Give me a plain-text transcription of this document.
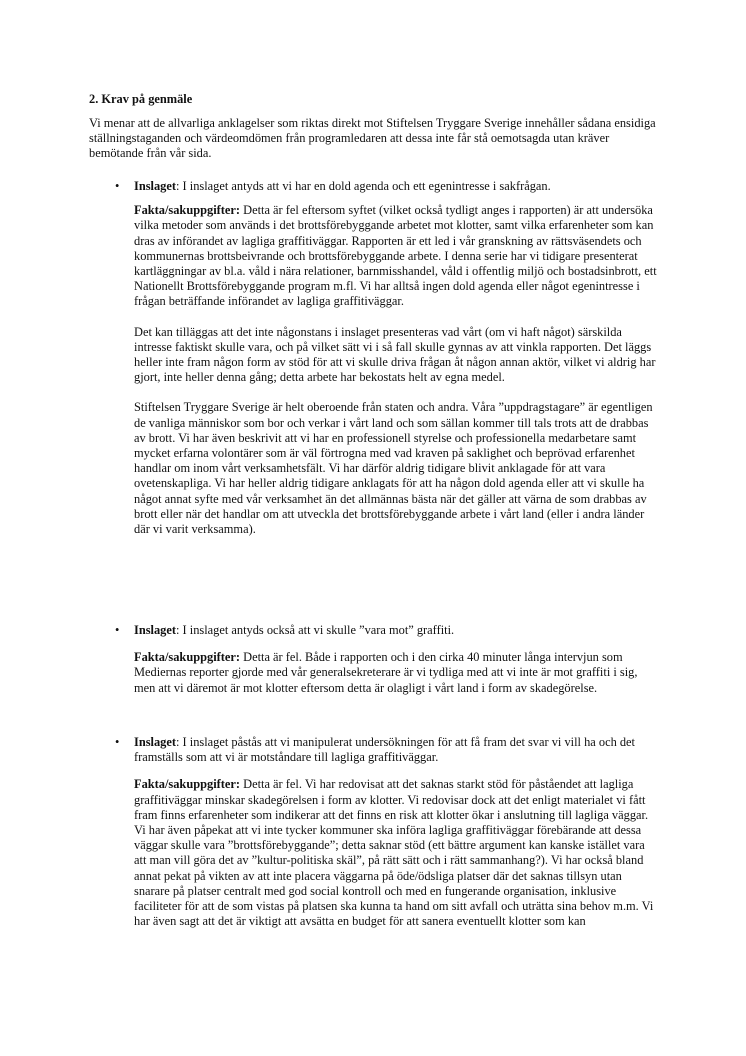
2. Krav på genmäle

Vi menar att de allvarliga anklagelser som riktas direkt mot Stiftelsen Tryggare Sverige innehåller sådana ensidiga ställningstaganden och värdeomdömen från programledaren att dessa inte får stå oemotsagda utan kräver bemötande från vår sida.

• Inslaget: I inslaget antyds att vi har en dold agenda och ett egenintresse i sakfrågan.

Fakta/sakuppgifter: Detta är fel eftersom syftet (vilket också tydligt anges i rapporten) är att undersöka vilka metoder som används i det brottsförebyggande arbetet mot klotter, samt vilka erfarenheter som kan dras av införandet av lagliga graffitiväggar. Rapporten är ett led i vår granskning av rättsväsendets och kommunernas brottsbeivrande och brottsförebyggande arbete. I denna serie har vi tidigare presenterat kartläggningar av bl.a. våld i nära relationer, barnmisshandel, våld i offentlig miljö och bostadsinbrott, ett Nationellt Brottsförebyggande program m.fl. Vi har alltså ingen dold agenda eller något egenintresse i frågan beträffande införandet av lagliga graffitiväggar.

Det kan tilläggas att det inte någonstans i inslaget presenteras vad vårt (om vi haft något) särskilda intresse faktiskt skulle vara, och på vilket sätt vi i så fall skulle gynnas av att vinkla rapporten. Det läggs heller inte fram någon form av stöd för att vi skulle driva frågan åt någon annan aktör, vilket vi aldrig har gjort, inte heller denna gång; detta arbete har bekostats helt av egna medel.

Stiftelsen Tryggare Sverige är helt oberoende från staten och andra. Våra ”uppdragstagare” är egentligen de vanliga människor som bor och verkar i vårt land och som sällan kommer till tals trots att de drabbas av brott. Vi har även beskrivit att vi har en professionell styrelse och professionella medarbetare samt mycket erfarna volontärer som är väl förtrogna med vad kraven på saklighet och beprövad erfarenhet handlar om inom vårt verksamhetsfält. Vi har därför aldrig tidigare blivit anklagade för att vara ovetenskapliga. Vi har heller aldrig tidigare anklagats för att ha någon dold agenda eller att vi skulle ha något annat syfte med vår verksamhet än det allmännas bästa när det gäller att värna de som drabbas av brott eller när det handlar om att utveckla det brottsförebyggande arbete i vårt land (eller i andra länder där vi varit verksamma).

• Inslaget: I inslaget antyds också att vi skulle ”vara mot” graffiti.

Fakta/sakuppgifter: Detta är fel. Både i rapporten och i den cirka 40 minuter långa intervjun som Mediernas reporter gjorde med vår generalsekreterare är vi tydliga med att vi inte är mot graffiti i sig, men att vi däremot är mot klotter eftersom detta är olagligt i vårt land i form av skadegörelse.

• Inslaget: I inslaget påstås att vi manipulerat undersökningen för att få fram det svar vi vill ha och det framställs som att vi är motståndare till lagliga graffitiväggar.

Fakta/sakuppgifter: Detta är fel. Vi har redovisat att det saknas starkt stöd för påståendet att lagliga graffitiväggar minskar skadegörelsen i form av klotter. Vi redovisar dock att det enligt materialet vi fått fram finns erfarenheter som indikerar att det finns en risk att klotter ökar i anslutning till lagliga väggar. Vi har även påpekat att vi inte tycker kommuner ska införa lagliga graffitiväggar förebärande att dessa väggar skulle vara ”brottsförebyggande”; detta saknar stöd (ett bättre argument kan kanske istället vara att man vill göra det av ”kultur-politiska skäl”, på rätt sätt och i rätt sammanhang?). Vi har också bland annat pekat på vikten av att inte placera väggarna på öde/ödsliga platser där det saknas tillsyn utan snarare på platser centralt med god social kontroll och med en fungerande organisation, inklusive faciliteter för att de som vistas på platsen ska kunna ta hand om sitt avfall och uträtta sina behov m.m. Vi har även sagt att det är viktigt att avsätta en budget för att sanera eventuellt klotter som kan
